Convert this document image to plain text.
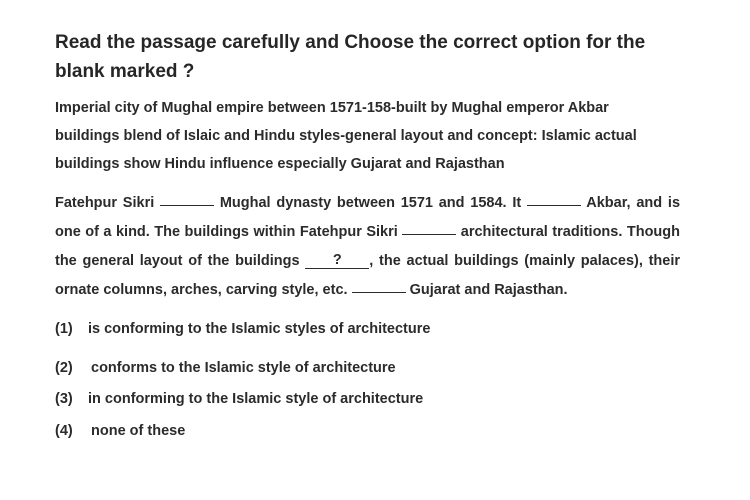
Read the passage carefully and Choose the correct option for the blank marked ?

Imperial city of Mughal empire between 1571-158-built by Mughal emperor Akbar
buildings blend of Islaic and Hindu styles-general layout and concept: Islamic actual
buildings show Hindu influence especially Gujarat and Rajasthan
Fatehpur Sikri	Mughal dynasty between 1571 and 1584. It	Akbar, and is one of a kind. The buildings within Fatehpur Sikri	architectural traditions. Though the general layout of the buildings ? , the actual buildings (mainly palaces), their ornate columns, arches, carving style, etc.	Gujarat and Rajasthan.
(1) is conforming to the Islamic styles of architecture
(2) conforms to the Islamic style of architecture
(3) in conforming to the Islamic style of architecture
(4) none of these
